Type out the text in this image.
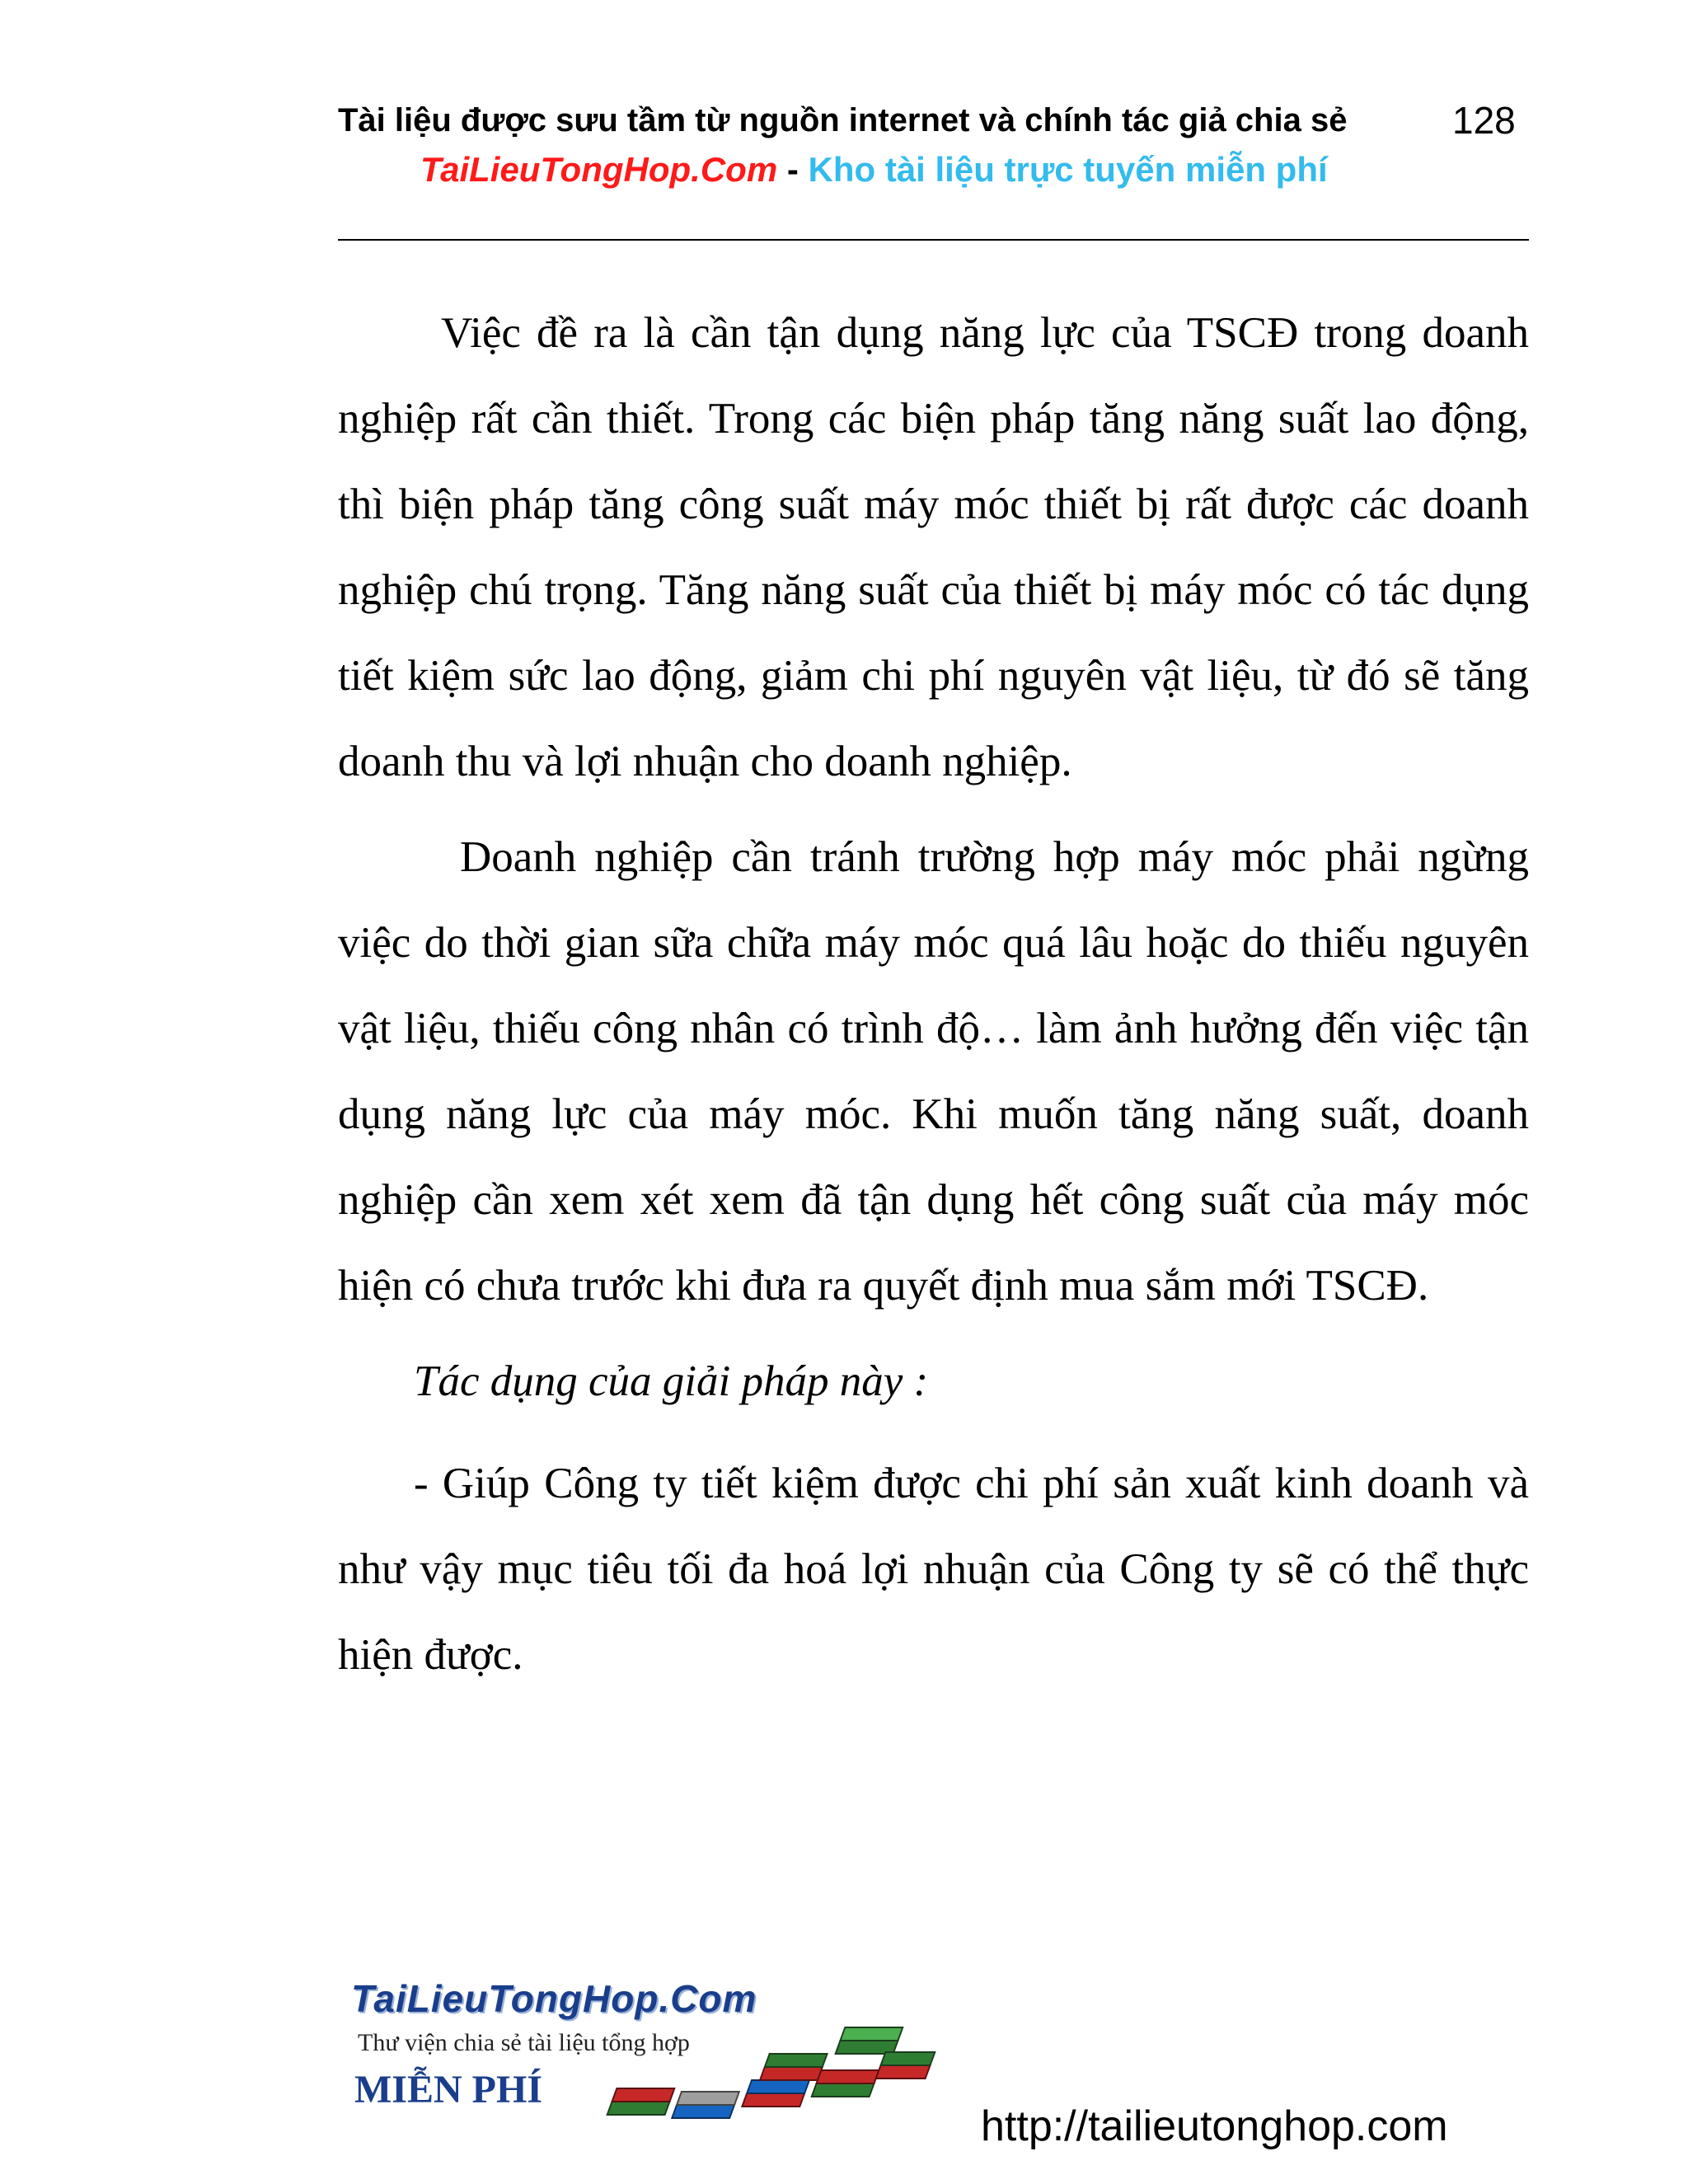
Tài liệu được sưu tầm từ nguồn internet và chính tác giả chia sẻ
TaiLieuTongHop.Com - Kho tài liệu trực tuyến miễn phí
128

Việc đề ra là cần tận dụng năng lực của TSCĐ trong doanh nghiệp rất cần thiết. Trong các biện pháp tăng năng suất lao động, thì biện pháp tăng công suất máy móc thiết bị rất được các doanh nghiệp chú trọng. Tăng năng suất của thiết bị máy móc có tác dụng tiết kiệm sức lao động, giảm chi phí nguyên vật liệu, từ đó sẽ tăng doanh thu và lợi nhuận cho doanh nghiệp.

Doanh nghiệp cần tránh trường hợp máy móc phải ngừng việc do thời gian sữa chữa máy móc quá lâu hoặc do thiếu nguyên vật liệu, thiếu công nhân có trình độ… làm ảnh hưởng đến việc tận dụng năng lực của máy móc. Khi muốn tăng năng suất, doanh nghiệp cần xem xét xem đã tận dụng hết công suất của máy móc hiện có chưa trước khi đưa ra quyết định mua sắm mới TSCĐ.

Tác dụng của giải pháp này :

- Giúp Công ty tiết kiệm được chi phí sản xuất kinh doanh và như vậy mục tiêu tối đa hoá lợi nhuận của Công ty sẽ có thể thực hiện được.

TaiLieuTongHop.Com
Thư viện chia sẻ tài liệu tổng hợp
MIỄN PHÍ
http://tailieutonghop.com
